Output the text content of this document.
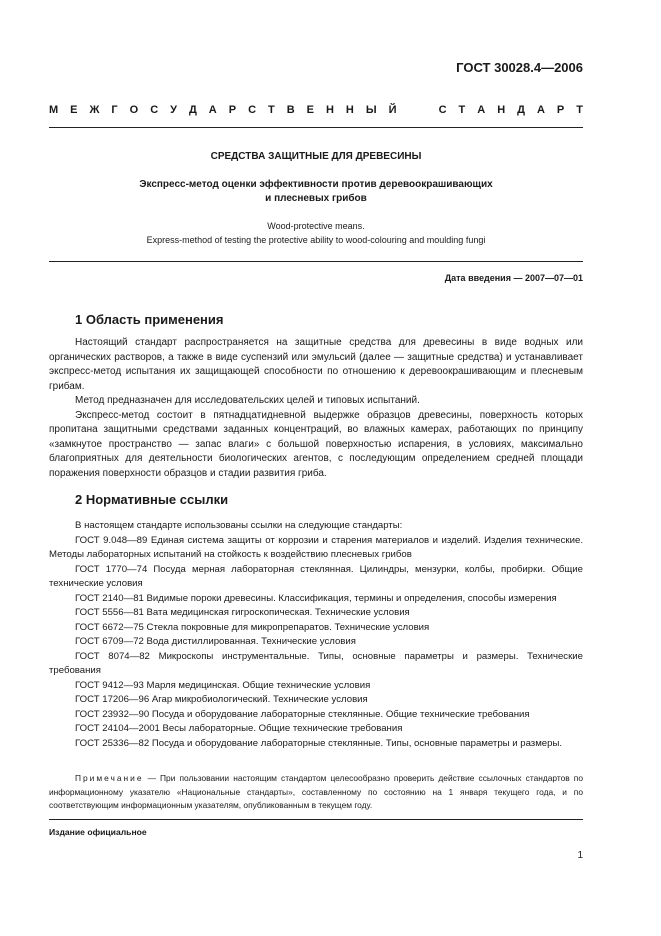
ГОСТ 30028.4—2006
М Е Ж Г О С У Д А Р С Т В Е Н Н Ы Й

	С Т А Н Д А Р Т
СРЕДСТВА ЗАЩИТНЫЕ ДЛЯ ДРЕВЕСИНЫ
Экспресс-метод оценки эффективности против деревоокрашивающих
и плесневых грибов
Wood-protective means.
Express-method of testing the protective ability to wood-colouring and moulding fungi
Дата введения — 2007—07—01
1 Область применения
Настоящий стандарт распространяется на защитные средства для древесины в виде водных или органических растворов, а также в виде суспензий или эмульсий (далее — защитные средства) и устанавливает экспресс-метод испытания их защищающей способности по отношению к деревоокрашивающим и плесневым грибам.
Метод предназначен для исследовательских целей и типовых испытаний.
Экспресс-метод состоит в пятнадцатидневной выдержке образцов древесины, поверхность которых пропитана защитными средствами заданных концентраций, во влажных камерах, работающих по принципу «замкнутое пространство — запас влаги» с большой поверхностью испарения, в условиях, максимально благоприятных для деятельности биологических агентов, с последующим определением средней площади поражения поверхности образцов и стадии развития гриба.
2 Нормативные ссылки
В настоящем стандарте использованы ссылки на следующие стандарты:
ГОСТ 9.048—89 Единая система защиты от коррозии и старения материалов и изделий. Изделия технические. Методы лабораторных испытаний на стойкость к воздействию плесневых грибов
ГОСТ 1770—74 Посуда мерная лабораторная стеклянная. Цилиндры, мензурки, колбы, пробирки. Общие технические условия
ГОСТ 2140—81 Видимые пороки древесины. Классификация, термины и определения, способы измерения
ГОСТ 5556—81 Вата медицинская гигроскопическая. Технические условия
ГОСТ 6672—75 Стекла покровные для микропрепаратов. Технические условия
ГОСТ 6709—72 Вода дистиллированная. Технические условия
ГОСТ 8074—82 Микроскопы инструментальные. Типы, основные параметры и размеры. Технические требования
ГОСТ 9412—93 Марля медицинская. Общие технические условия
ГОСТ 17206—96 Агар микробиологический. Технические условия
ГОСТ 23932—90 Посуда и оборудование лабораторные стеклянные. Общие технические требования
ГОСТ 24104—2001 Весы лабораторные. Общие технические требования
ГОСТ 25336—82 Посуда и оборудование лабораторные стеклянные. Типы, основные параметры и размеры.
Примечание — При пользовании настоящим стандартом целесообразно проверить действие ссылочных стандартов по информационному указателю «Национальные стандарты», составленному по состоянию на 1 января текущего года, и по соответствующим информационным указателям, опубликованным в текущем году.
Издание официальное
1
